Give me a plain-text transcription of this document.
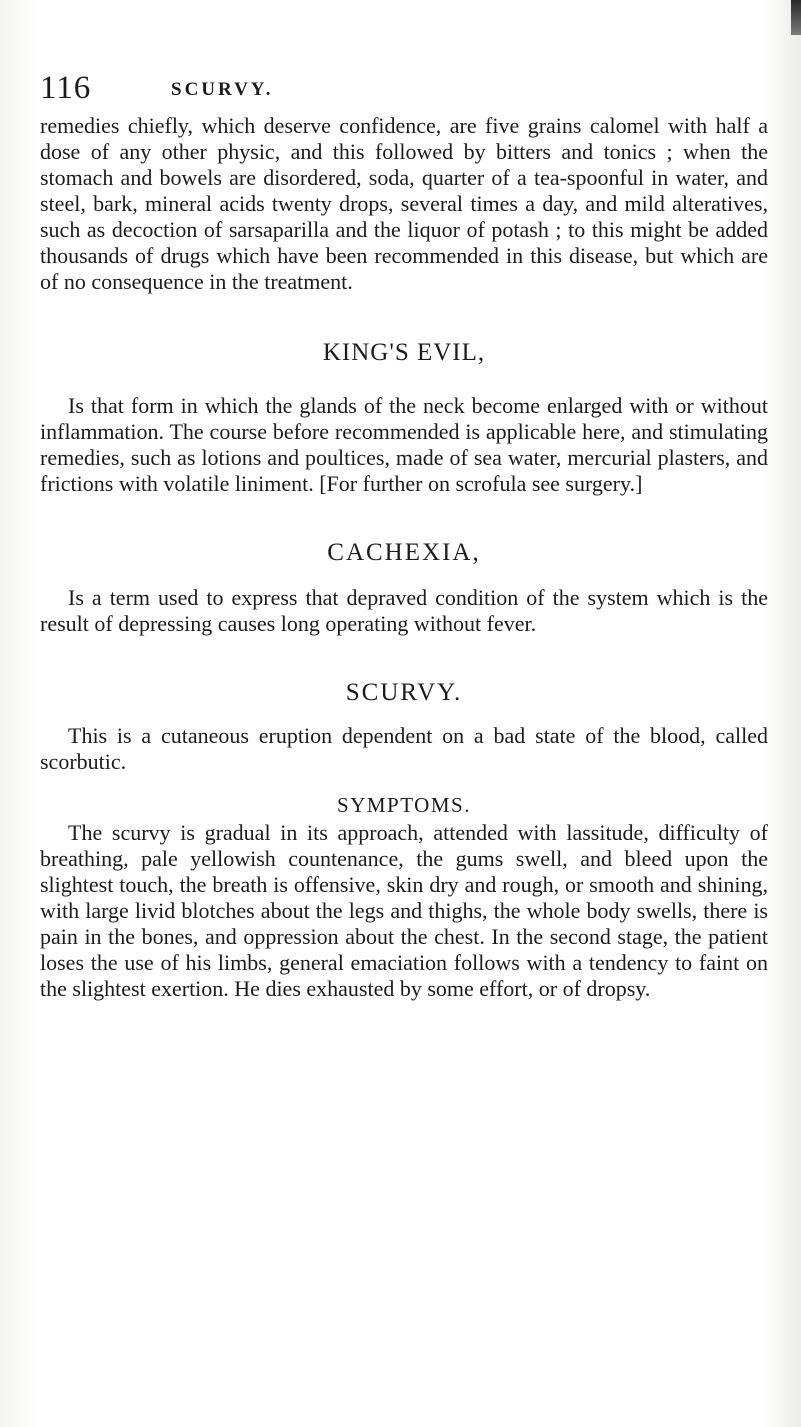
116	SCURVY.

remedies chiefly, which deserve confidence, are five grains calomel with half a dose of any other physic, and this followed by bitters and tonics ; when the stomach and bowels are disordered, soda, quarter of a tea-spoonful in water, and steel, bark, mineral acids twenty drops, several times a day, and mild alteratives, such as decoction of sarsaparilla and the liquor of potash ; to this might be added thousands of drugs which have been recommended in this disease, but which are of no consequence in the treatment.

KING'S EVIL,

Is that form in which the glands of the neck become enlarged with or without inflammation. The course before recommended is applicable here, and stimulating remedies, such as lotions and poultices, made of sea water, mercurial plasters, and frictions with volatile liniment. [For further on scrofula see surgery.]

CACHEXIA,

Is a term used to express that depraved condition of the system which is the result of depressing causes long operating without fever.

SCURVY.

This is a cutaneous eruption dependent on a bad state of the blood, called scorbutic.

SYMPTOMS.

The scurvy is gradual in its approach, attended with lassitude, difficulty of breathing, pale yellowish countenance, the gums swell, and bleed upon the slightest touch, the breath is offensive, skin dry and rough, or smooth and shining, with large livid blotches about the legs and thighs, the whole body swells, there is pain in the bones, and oppression about the chest. In the second stage, the patient loses the use of his limbs, general emaciation follows with a tendency to faint on the slightest exertion. He dies exhausted by some effort, or of dropsy.
